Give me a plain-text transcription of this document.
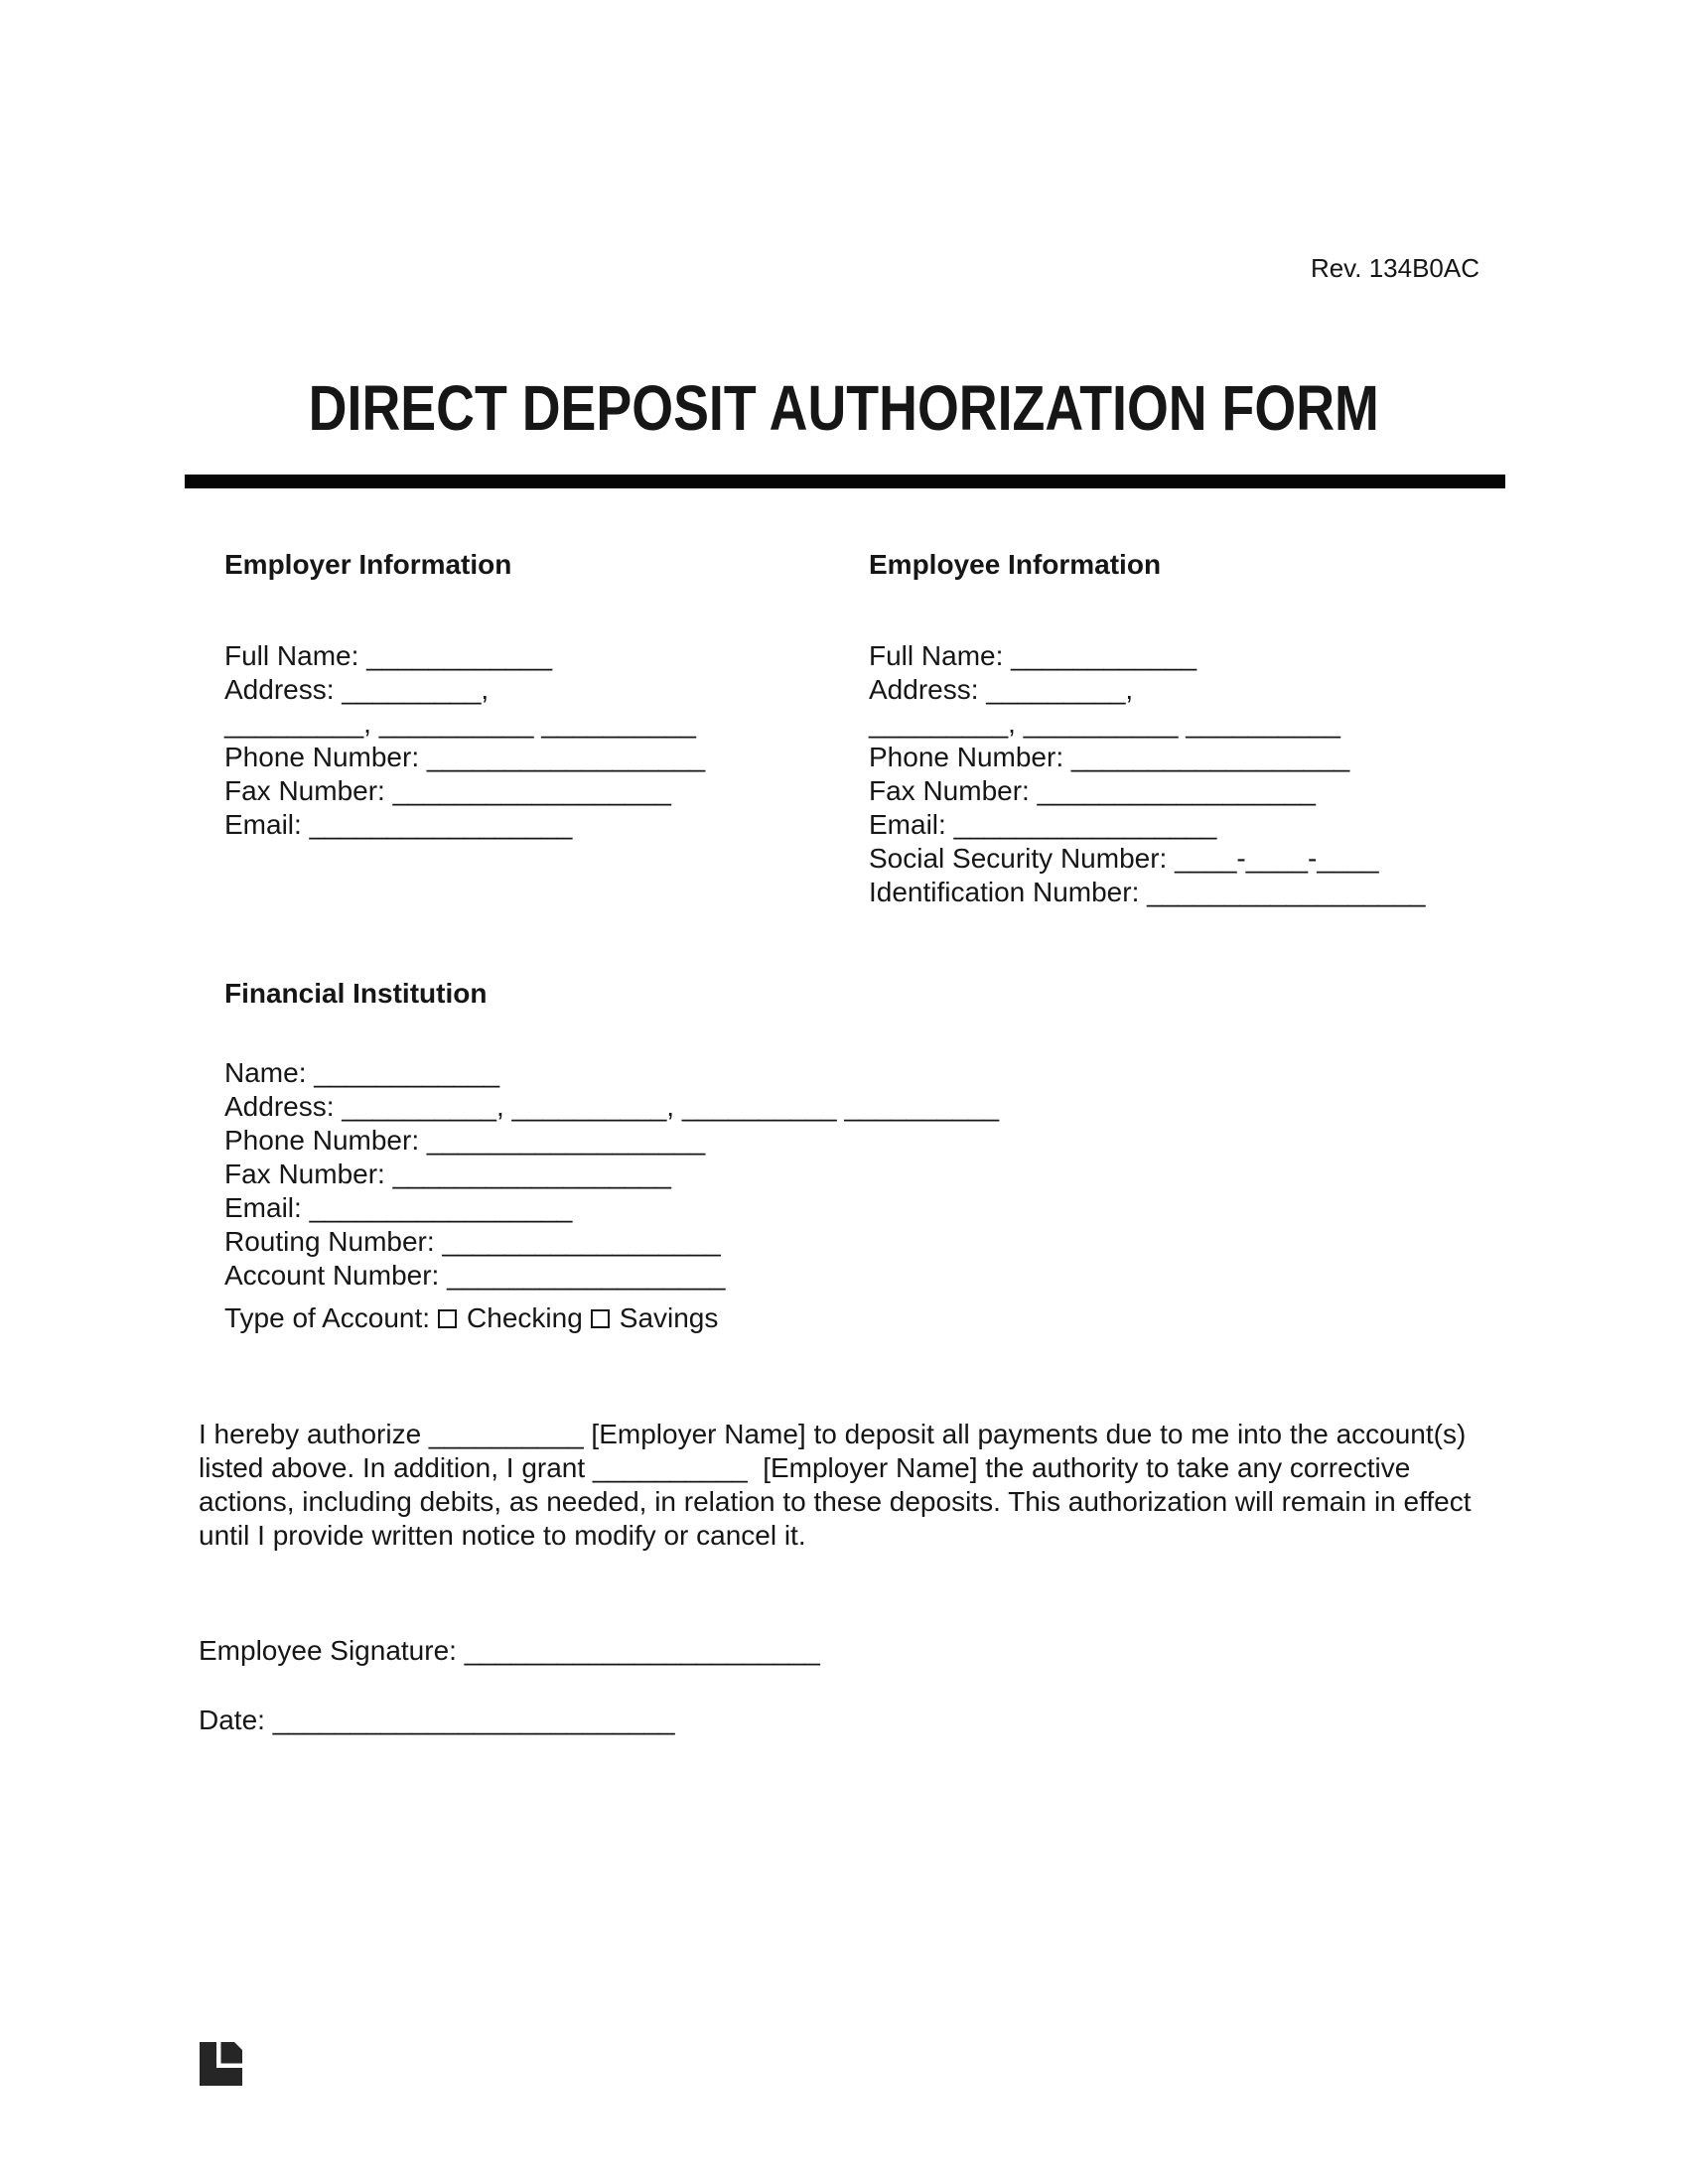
Rev. 134B0AC
DIRECT DEPOSIT AUTHORIZATION FORM
Employer Information
Full Name: ____________
Address: _________,
_________, __________ __________
Phone Number: __________________
Fax Number: __________________
Email: _________________
Employee Information
Full Name: ____________
Address: _________,
_________, __________ __________
Phone Number: __________________
Fax Number: __________________
Email: _________________
Social Security Number: ____-____-____
Identification Number: __________________
Financial Institution
Name: ____________
Address: __________, __________, __________ __________
Phone Number: __________________
Fax Number: __________________
Email: _________________
Routing Number: __________________
Account Number: __________________
Type of Account: Checking Savings
I hereby authorize __________ [Employer Name] to deposit all payments due to me into the account(s)
listed above. In addition, I grant __________  [Employer Name] the authority to take any corrective
actions, including debits, as needed, in relation to these deposits. This authorization will remain in effect
until I provide written notice to modify or cancel it.
Employee Signature: _______________________
Date: __________________________
